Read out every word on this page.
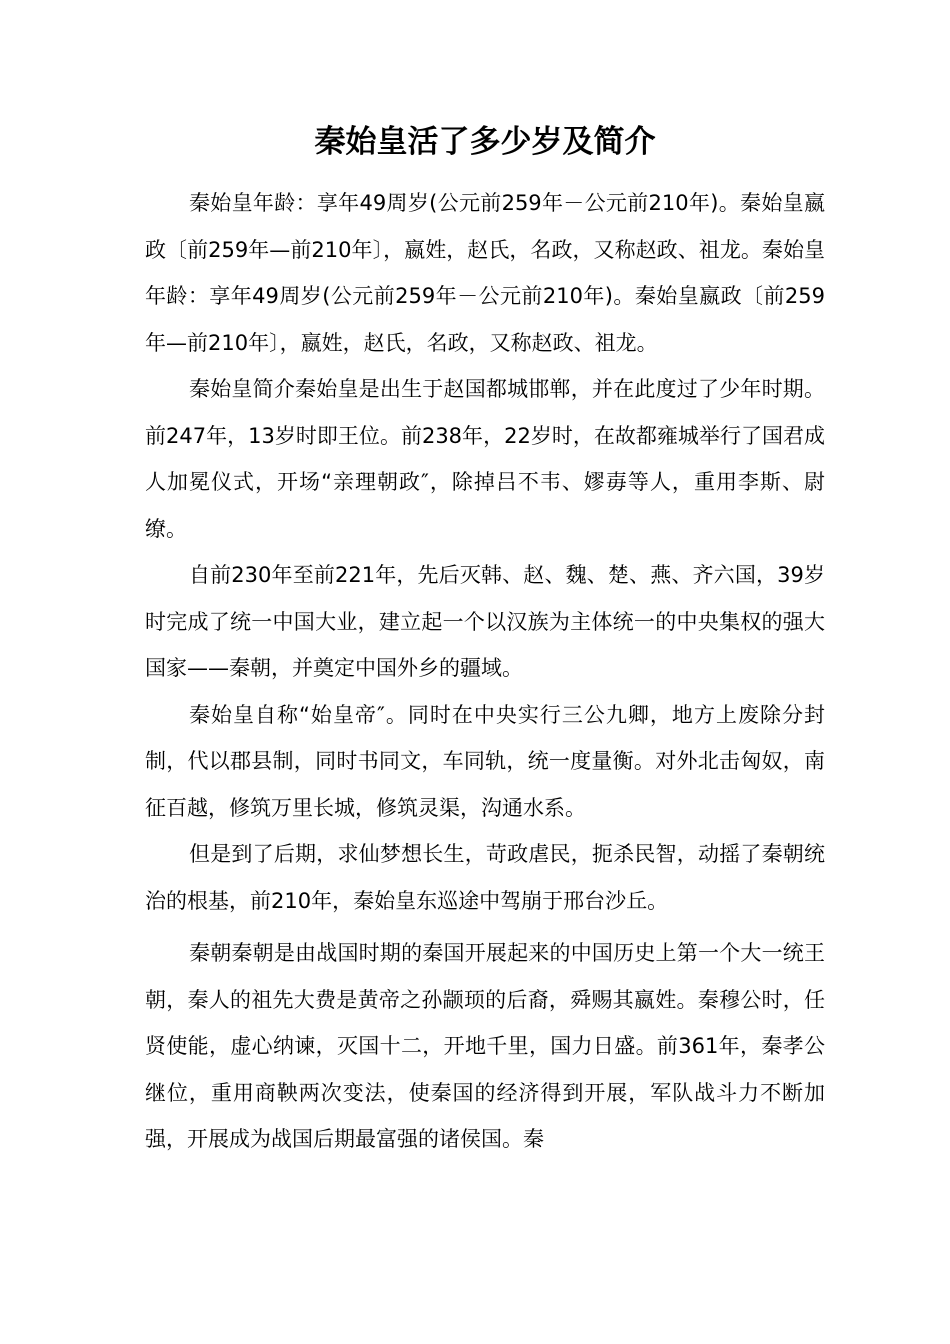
秦始皇活了多少岁及简介

秦始皇年龄：享年49周岁(公元前259年－公元前210年)。秦始皇嬴政〔前259年—前210年〕，嬴姓，赵氏，名政，又称赵政、祖龙。秦始皇年龄：享年49周岁(公元前259年－公元前210年)。秦始皇嬴政〔前259年—前210年〕，嬴姓，赵氏，名政，又称赵政、祖龙。

秦始皇简介秦始皇是出生于赵国都城邯郸，并在此度过了少年时期。前247年，13岁时即王位。前238年，22岁时，在故都雍城举行了国君成人加冕仪式，开场“亲理朝政″，除掉吕不韦、嫪毐等人，重用李斯、尉缭。

自前230年至前221年，先后灭韩、赵、魏、楚、燕、齐六国，39岁时完成了统一中国大业，建立起一个以汉族为主体统一的中央集权的强大国家——秦朝，并奠定中国外乡的疆域。

秦始皇自称“始皇帝″。同时在中央实行三公九卿，地方上废除分封制，代以郡县制，同时书同文，车同轨，统一度量衡。对外北击匈奴，南征百越，修筑万里长城，修筑灵渠，沟通水系。

但是到了后期，求仙梦想长生，苛政虐民，扼杀民智，动摇了秦朝统治的根基，前210年，秦始皇东巡途中驾崩于邢台沙丘。

秦朝秦朝是由战国时期的秦国开展起来的中国历史上第一个大一统王朝，秦人的祖先大费是黄帝之孙颛顼的后裔，舜赐其嬴姓。秦穆公时，任贤使能，虚心纳谏，灭国十二，开地千里，国力日盛。前361年，秦孝公继位，重用商鞅两次变法，使秦国的经济得到开展，军队战斗力不断加强，开展成为战国后期最富强的诸侯国。秦
